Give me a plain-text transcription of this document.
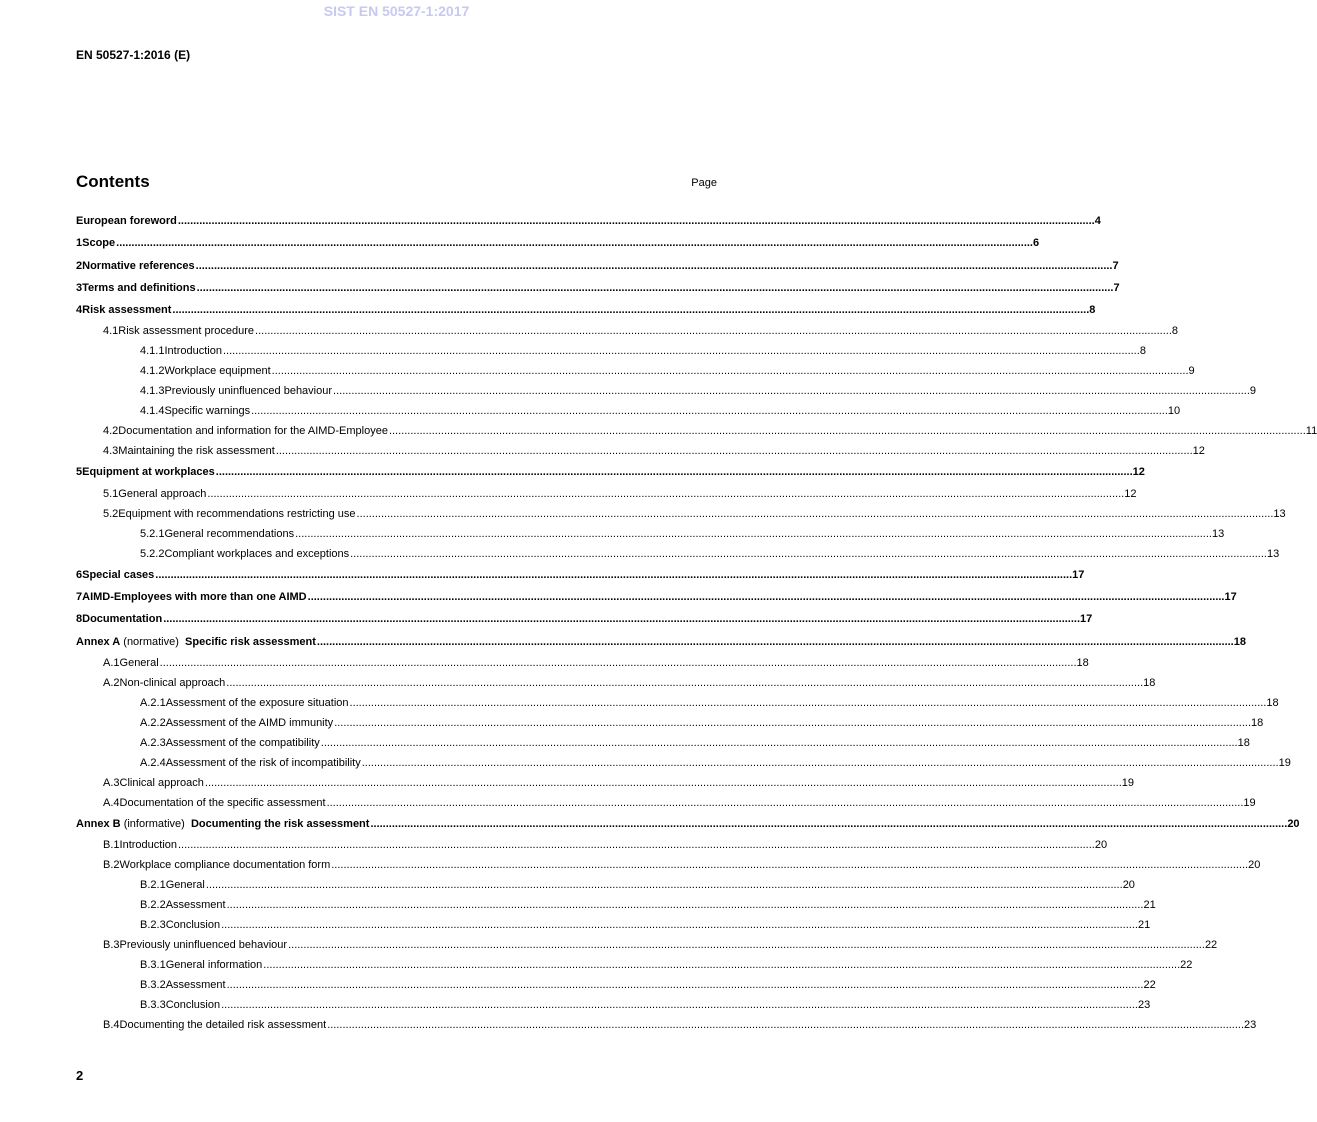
SIST EN 50527-1:2017
EN 50527-1:2016 (E)
Contents	Page
European foreword ............................................................................................................................................................................................................................................................................................................ 4
1 Scope ............................................................................................................................................................................................................................................................................................................ 6
2 Normative references ............................................................................................................................................................................................................................................................................................................ 7
3 Terms and definitions ............................................................................................................................................................................................................................................................................................................ 7
4 Risk assessment ............................................................................................................................................................................................................................................................................................................ 8
4.1 Risk assessment procedure ............................................................................................................................................................................................................................................................................................................ 8
4.1.1 Introduction ............................................................................................................................................................................................................................................................................................................ 8
4.1.2 Workplace equipment ............................................................................................................................................................................................................................................................................................................ 9
4.1.3 Previously uninfluenced behaviour ............................................................................................................................................................................................................................................................................................................ 9
4.1.4 Specific warnings ............................................................................................................................................................................................................................................................................................................ 10
4.2 Documentation and information for the AIMD-Employee ............................................................................................................................................................................................................................................................................................................ 11
4.3 Maintaining the risk assessment ............................................................................................................................................................................................................................................................................................................ 12
5 Equipment at workplaces ............................................................................................................................................................................................................................................................................................................ 12
5.1 General approach ............................................................................................................................................................................................................................................................................................................ 12
5.2 Equipment with recommendations restricting use ............................................................................................................................................................................................................................................................................................................ 13
5.2.1 General recommendations ............................................................................................................................................................................................................................................................................................................ 13
5.2.2 Compliant workplaces and exceptions ............................................................................................................................................................................................................................................................................................................ 13
6 Special cases ............................................................................................................................................................................................................................................................................................................ 17
7 AIMD-Employees with more than one AIMD ............................................................................................................................................................................................................................................................................................................ 17
8 Documentation ............................................................................................................................................................................................................................................................................................................ 17
Annex A
(normative)
Specific risk assessment ............................................................................................................................................................................................................................................................................................................ 18
A.1 General ............................................................................................................................................................................................................................................................................................................ 18
A.2 Non-clinical approach ............................................................................................................................................................................................................................................................................................................ 18
A.2.1 Assessment of the exposure situation ............................................................................................................................................................................................................................................................................................................ 18
A.2.2 Assessment of the AIMD immunity ............................................................................................................................................................................................................................................................................................................ 18
A.2.3 Assessment of the compatibility ............................................................................................................................................................................................................................................................................................................ 18
A.2.4 Assessment of the risk of incompatibility ............................................................................................................................................................................................................................................................................................................ 19
A.3 Clinical approach ............................................................................................................................................................................................................................................................................................................ 19
A.4 Documentation of the specific assessment ............................................................................................................................................................................................................................................................................................................ 19
Annex B
(informative)
Documenting the risk assessment ............................................................................................................................................................................................................................................................................................................ 20
B.1 Introduction ............................................................................................................................................................................................................................................................................................................ 20
B.2 Workplace compliance documentation form ............................................................................................................................................................................................................................................................................................................ 20
B.2.1 General ............................................................................................................................................................................................................................................................................................................ 20
B.2.2 Assessment ............................................................................................................................................................................................................................................................................................................ 21
B.2.3 Conclusion ............................................................................................................................................................................................................................................................................................................ 21
B.3 Previously uninfluenced behaviour ............................................................................................................................................................................................................................................................................................................ 22
B.3.1 General information ............................................................................................................................................................................................................................................................................................................ 22
B.3.2 Assessment ............................................................................................................................................................................................................................................................................................................ 22
B.3.3 Conclusion ............................................................................................................................................................................................................................................................................................................ 23
B.4 Documenting the detailed risk assessment ............................................................................................................................................................................................................................................................................................................ 23
2
